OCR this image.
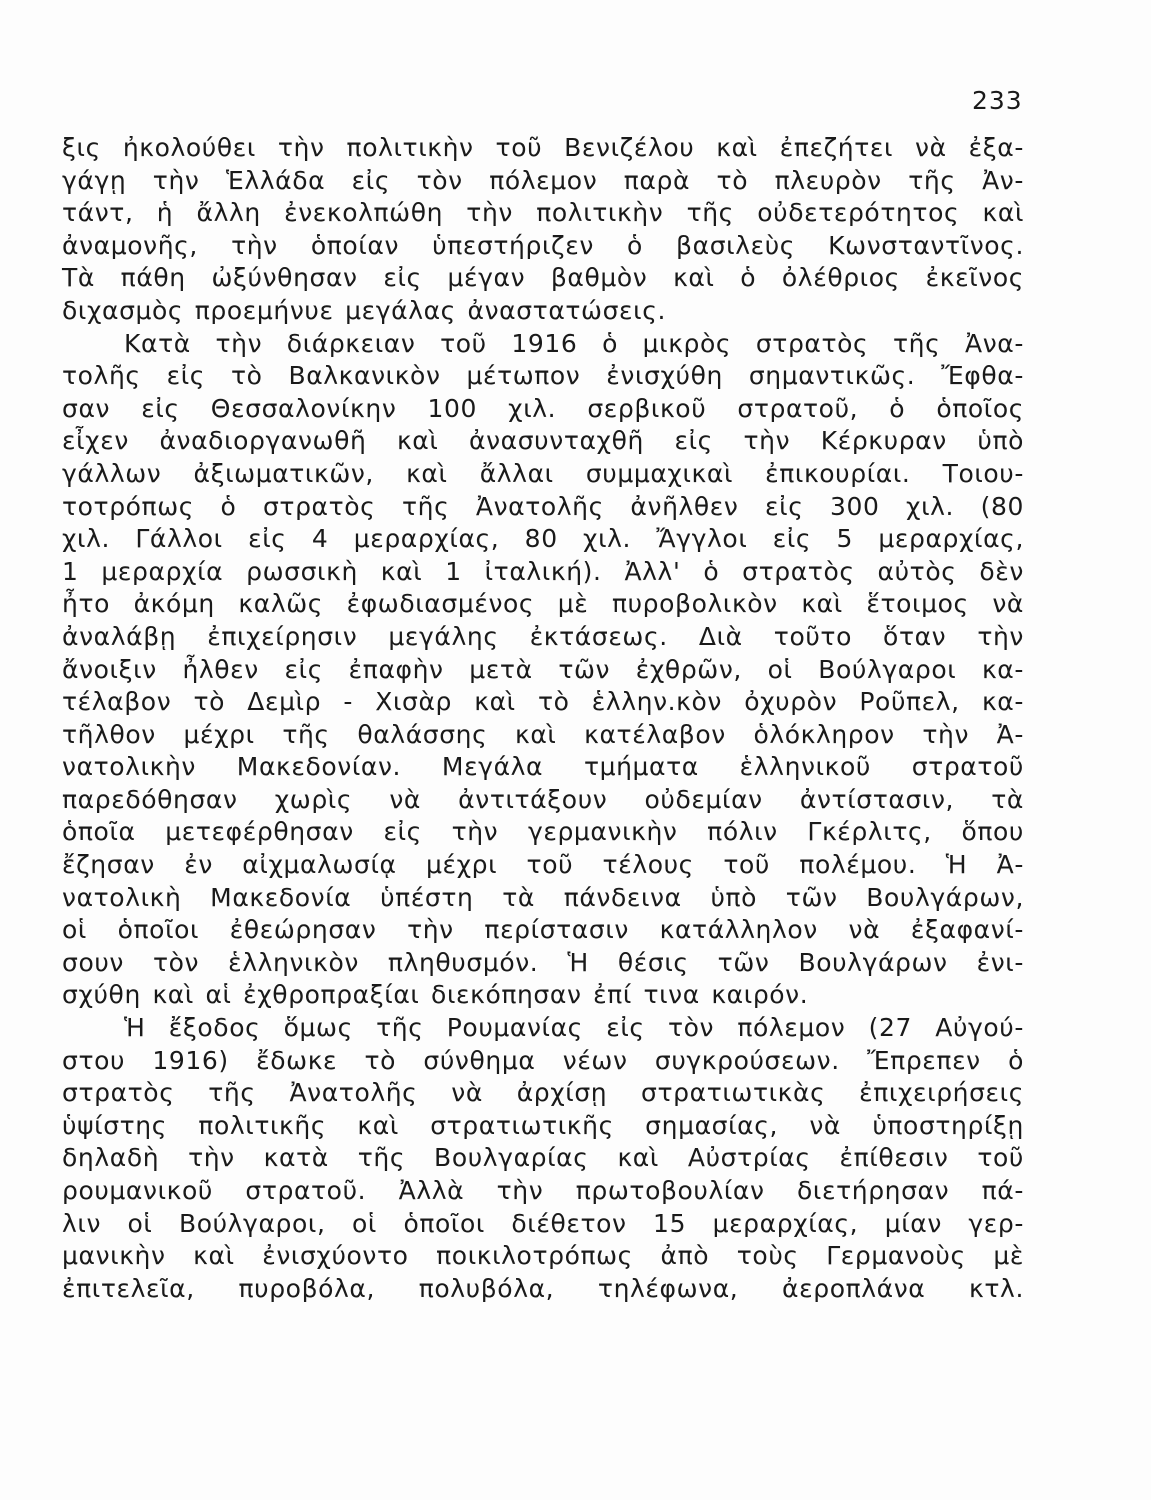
233
ξις ἠκολούθει τὴν πολιτικὴν τοῦ Βενιζέλου καὶ ἐπεζήτει νὰ ἐξα-
γάγῃ τὴν Ἑλλάδα εἰς τὸν πόλεμον παρὰ τὸ πλευρὸν τῆς Ἀν-
τάντ, ἡ ἄλλη ἐνεκολπώθη τὴν πολιτικὴν τῆς οὐδετερότητος καὶ
ἀναμονῆς, τὴν ὁποίαν ὑπεστήριζεν ὁ βασιλεὺς Κωνσταντῖνος.
Τὰ πάθη ὠξύνθησαν εἰς μέγαν βαθμὸν καὶ ὁ ὀλέθριος ἐκεῖνος
διχασμὸς προεμήνυε μεγάλας ἀναστατώσεις.
Κατὰ τὴν διάρκειαν τοῦ 1916 ὁ μικρὸς στρατὸς τῆς Ἀνα-
τολῆς εἰς τὸ Βαλκανικὸν μέτωπον ἐνισχύθη σημαντικῶς. Ἔφθα-
σαν εἰς Θεσσαλονίκην 100 χιλ. σερβικοῦ στρατοῦ, ὁ ὁποῖος
εἶχεν ἀναδιοργανωθῆ καὶ ἀνασυνταχθῆ εἰς τὴν Κέρκυραν ὑπὸ
γάλλων ἀξιωματικῶν, καὶ ἄλλαι συμμαχικαὶ ἐπικουρίαι. Τοιου-
τοτρόπως ὁ στρατὸς τῆς Ἀνατολῆς ἀνῆλθεν εἰς 300 χιλ. (80
χιλ. Γάλλοι εἰς 4 μεραρχίας, 80 χιλ. Ἄγγλοι εἰς 5 μεραρχίας,
1 μεραρχία ρωσσικὴ καὶ 1 ἰταλική). Ἀλλ' ὁ στρατὸς αὐτὸς δὲν
ἦτο ἀκόμη καλῶς ἐφωδιασμένος μὲ πυροβολικὸν καὶ ἕτοιμος νὰ
ἀναλάβῃ ἐπιχείρησιν μεγάλης ἐκτάσεως. Διὰ τοῦτο ὅταν τὴν
ἄνοιξιν ἦλθεν εἰς ἐπαφὴν μετὰ τῶν ἐχθρῶν, οἱ Βούλγαροι κα-
τέλαβον τὸ Δεμὶρ - Χισὰρ καὶ τὸ ἑλλην.κὸν ὀχυρὸν Ροῦπελ, κα-
τῆλθον μέχρι τῆς θαλάσσης καὶ κατέλαβον ὁλόκληρον τὴν Ἀ-
νατολικὴν Μακεδονίαν. Μεγάλα τμήματα ἑλληνικοῦ στρατοῦ
παρεδόθησαν χωρὶς νὰ ἀντιτάξουν οὐδεμίαν ἀντίστασιν, τὰ
ὁποῖα μετεφέρθησαν εἰς τὴν γερμανικὴν πόλιν Γκέρλιτς, ὅπου
ἔζησαν ἐν αἰχμαλωσίᾳ μέχρι τοῦ τέλους τοῦ πολέμου. Ἡ Ἀ-
νατολικὴ Μακεδονία ὑπέστη τὰ πάνδεινα ὑπὸ τῶν Βουλγάρων,
οἱ ὁποῖοι ἐθεώρησαν τὴν περίστασιν κατάλληλον νὰ ἐξαφανί-
σουν τὸν ἑλληνικὸν πληθυσμόν. Ἡ θέσις τῶν Βουλγάρων ἐνι-
σχύθη καὶ αἱ ἐχθροπραξίαι διεκόπησαν ἐπί τινα καιρόν.
Ἡ ἔξοδος ὅμως τῆς Ρουμανίας εἰς τὸν πόλεμον (27 Αὐγού-
στου 1916) ἔδωκε τὸ σύνθημα νέων συγκρούσεων. Ἔπρεπεν ὁ
στρατὸς τῆς Ἀνατολῆς νὰ ἀρχίσῃ στρατιωτικὰς ἐπιχειρήσεις
ὑψίστης πολιτικῆς καὶ στρατιωτικῆς σημασίας, νὰ ὑποστηρίξῃ
δηλαδὴ τὴν κατὰ τῆς Βουλγαρίας καὶ Αὐστρίας ἐπίθεσιν τοῦ
ρουμανικοῦ στρατοῦ. Ἀλλὰ τὴν πρωτοβουλίαν διετήρησαν πά-
λιν οἱ Βούλγαροι, οἱ ὁποῖοι διέθετον 15 μεραρχίας, μίαν γερ-
μανικὴν καὶ ἐνισχύοντο ποικιλοτρόπως ἀπὸ τοὺς Γερμανοὺς μὲ
ἐπιτελεῖα, πυροβόλα, πολυβόλα, τηλέφωνα, ἀεροπλάνα κτλ.
